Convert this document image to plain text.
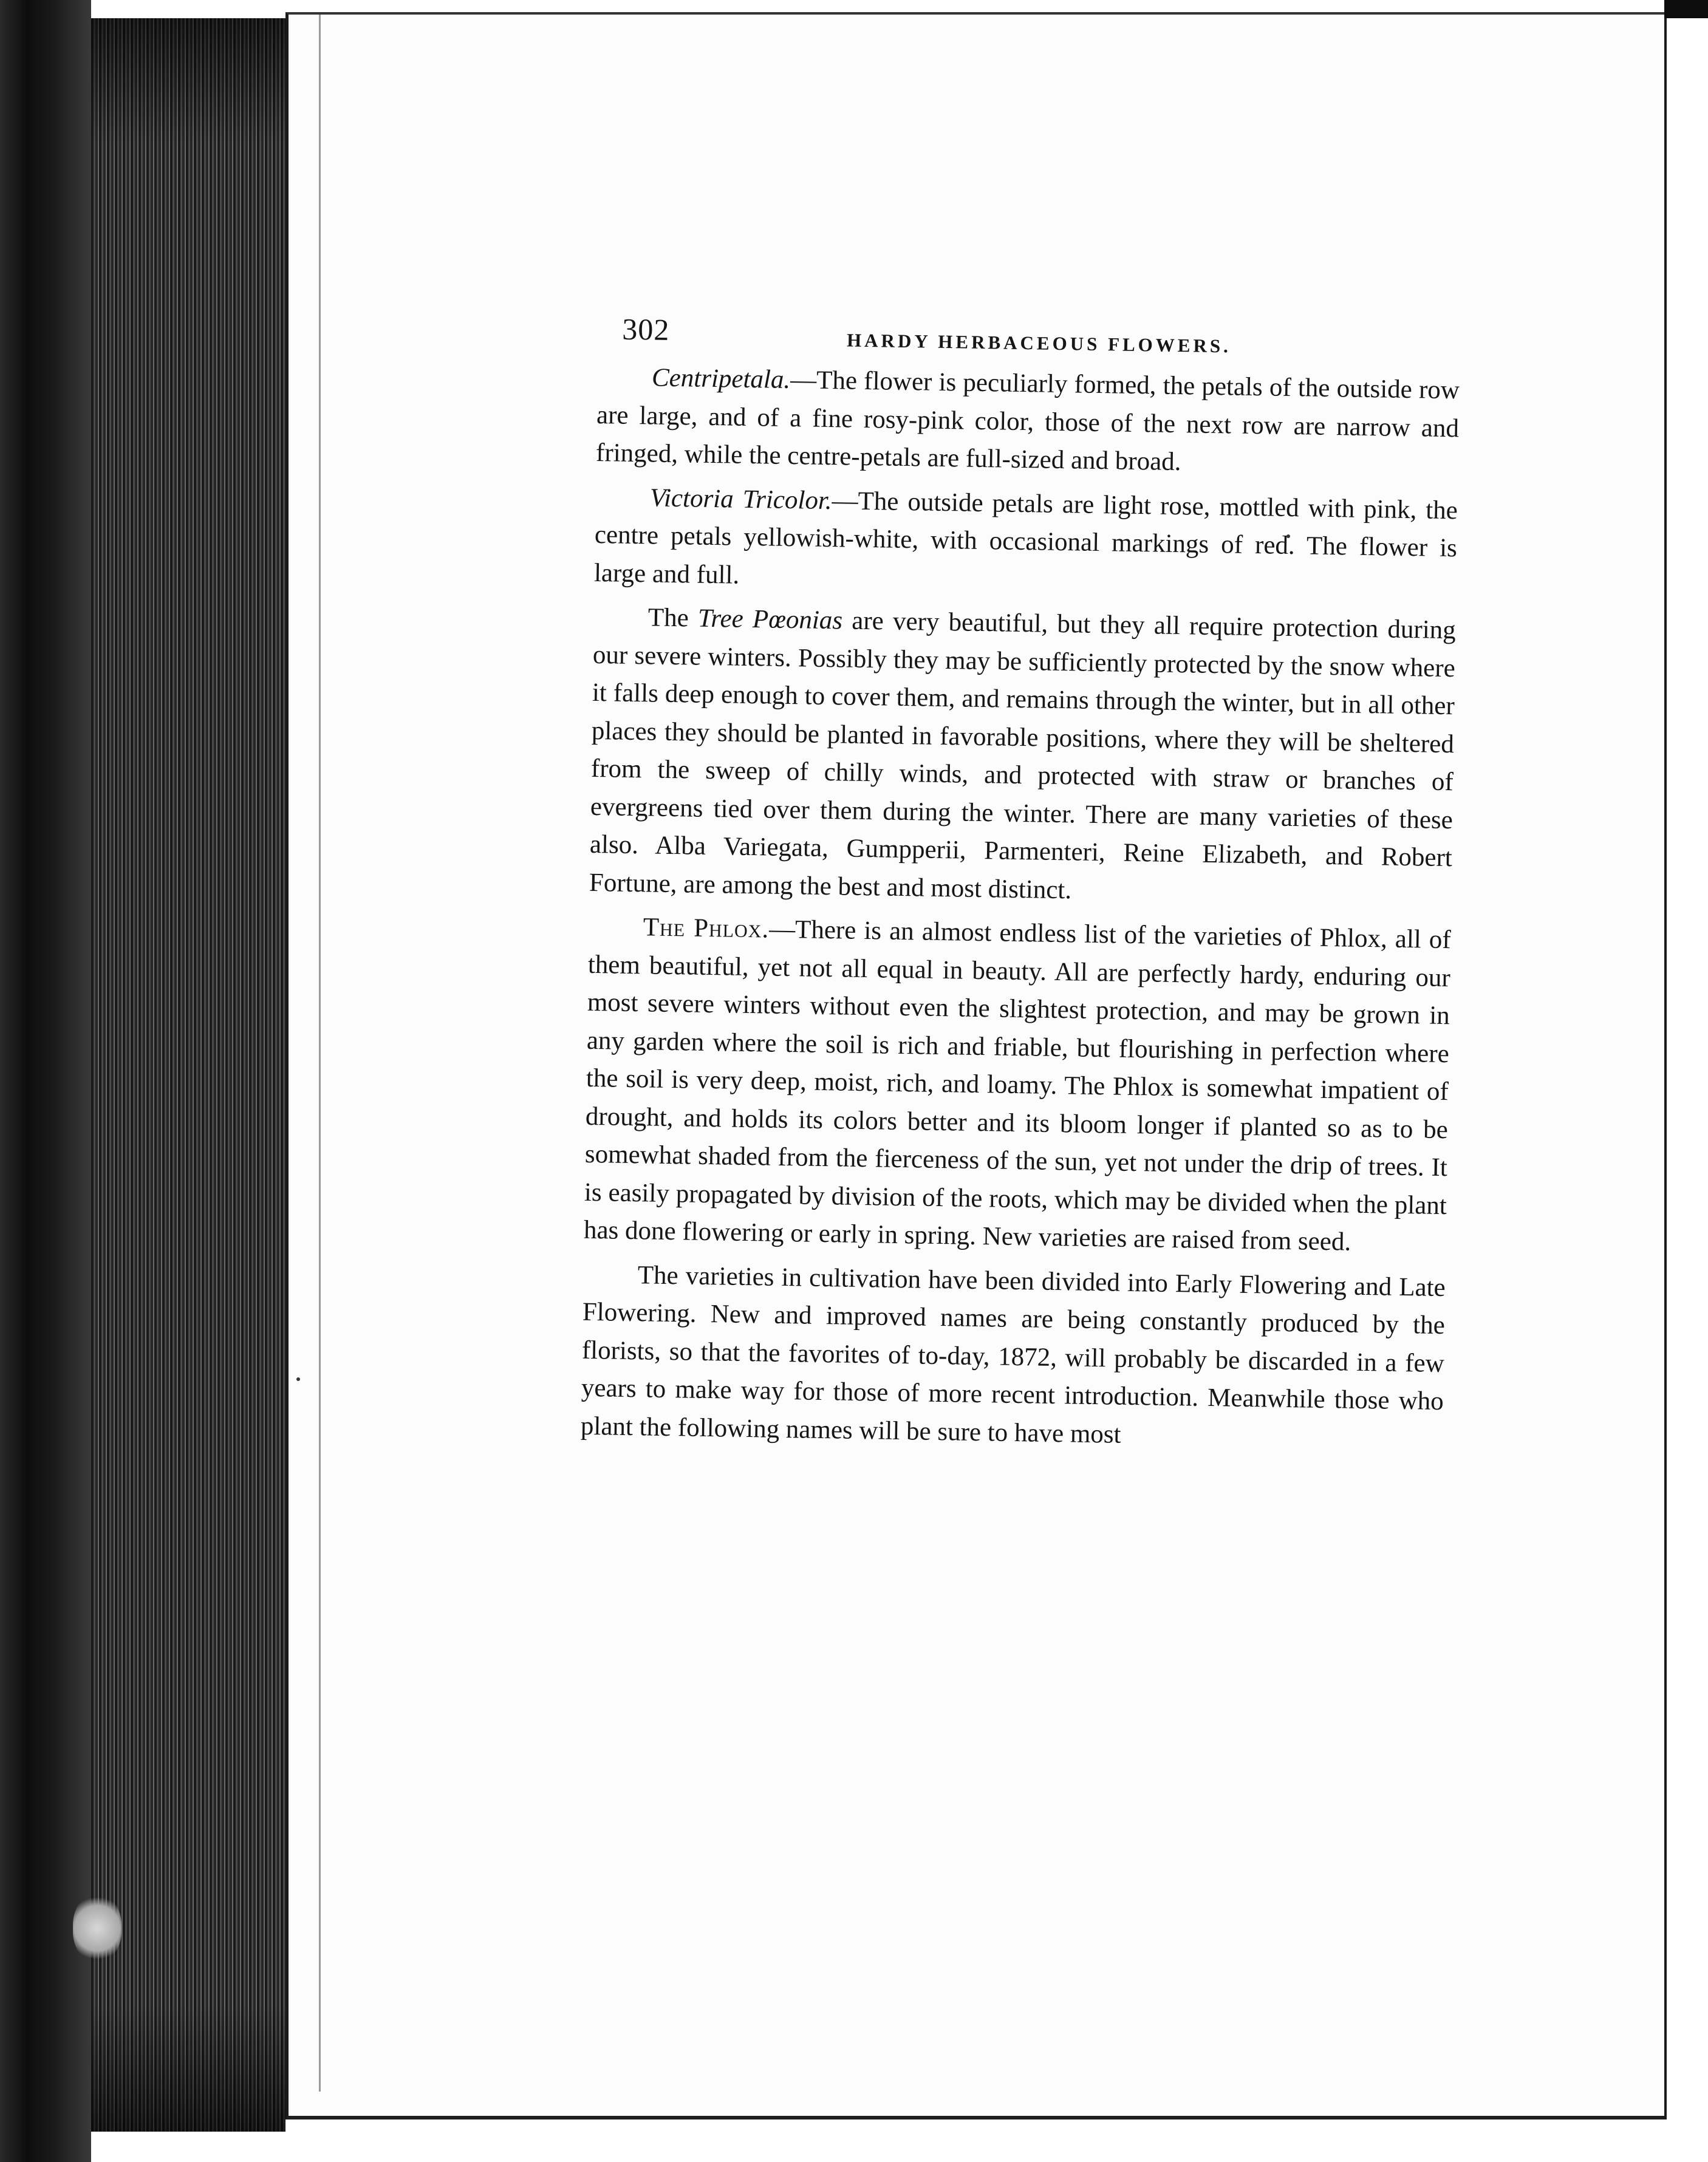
302	HARDY HERBACEOUS FLOWERS.

Centripetala.—The flower is peculiarly formed, the petals of the outside row are large, and of a fine rosy-pink color, those of the next row are narrow and fringed, while the centre-petals are full-sized and broad.

Victoria Tricolor.—The outside petals are light rose, mottled with pink, the centre petals yellowish-white, with occasional markings of red. The flower is large and full.

The Tree Pœonias are very beautiful, but they all require protection during our severe winters. Possibly they may be sufficiently protected by the snow where it falls deep enough to cover them, and remains through the winter, but in all other places they should be planted in favorable positions, where they will be sheltered from the sweep of chilly winds, and protected with straw or branches of evergreens tied over them during the winter. There are many varieties of these also. Alba Variegata, Gumpperii, Parmenteri, Reine Elizabeth, and Robert Fortune, are among the best and most distinct.

The Phlox.—There is an almost endless list of the varieties of Phlox, all of them beautiful, yet not all equal in beauty. All are perfectly hardy, enduring our most severe winters without even the slightest protection, and may be grown in any garden where the soil is rich and friable, but flourishing in perfection where the soil is very deep, moist, rich, and loamy. The Phlox is somewhat impatient of drought, and holds its colors better and its bloom longer if planted so as to be somewhat shaded from the fierceness of the sun, yet not under the drip of trees. It is easily propagated by division of the roots, which may be divided when the plant has done flowering or early in spring. New varieties are raised from seed.

The varieties in cultivation have been divided into Early Flowering and Late Flowering. New and improved names are being constantly produced by the florists, so that the favorites of to-day, 1872, will probably be discarded in a few years to make way for those of more recent introduction. Meanwhile those who plant the following names will be sure to have most
